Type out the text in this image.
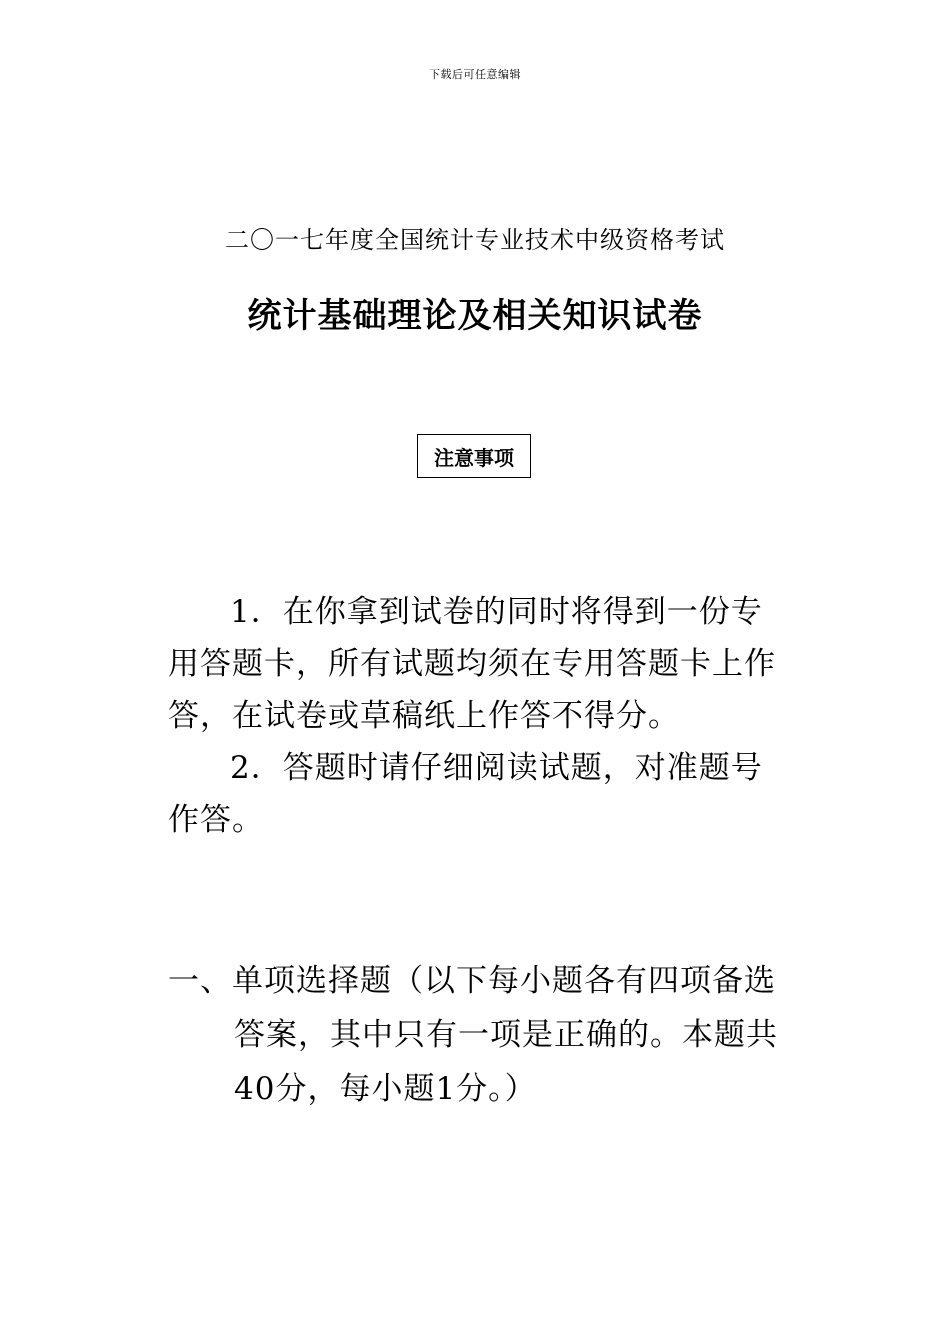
下载后可任意编辑
二〇一七年度全国统计专业技术中级资格考试
统计基础理论及相关知识试卷
注意事项

1．在你拿到试卷的同时将得到一份专用答题卡，所有试题均须在专用答题卡上作答，在试卷或草稿纸上作答不得分。

2．答题时请仔细阅读试题，对准题号作答。

一、单项选择题（以下每小题各有四项备选答案，其中只有一项是正确的。本题共40分，每小题1分。）
